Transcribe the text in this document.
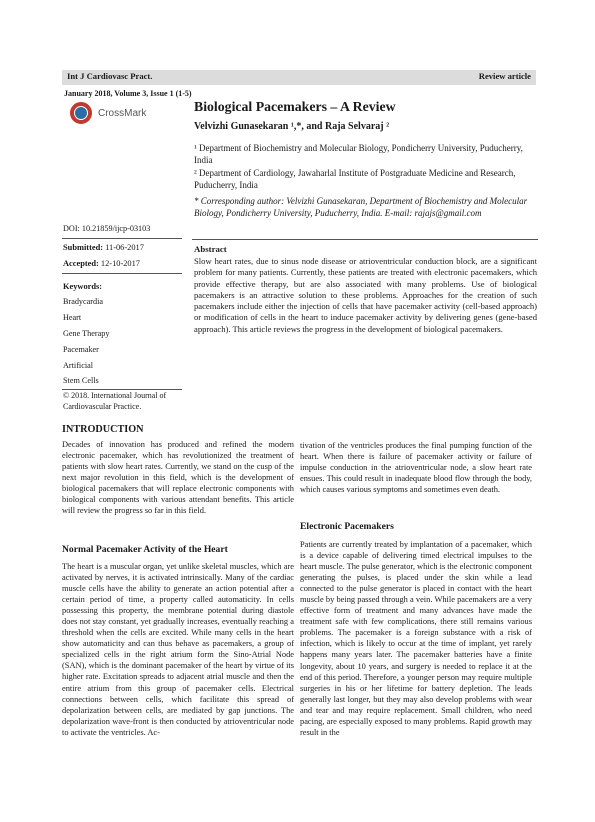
Int J Cardiovasc Pract.	Review article
January 2018, Volume 3, Issue 1 (1-5)
CrossMark	Biological Pacemakers – A Review
Velvizhi Gunasekaran ¹,*, and Raja Selvaraj ²
¹ Department of Biochemistry and Molecular Biology, Pondicherry University, Puducherry, India
² Department of Cardiology, Jawaharlal Institute of Postgraduate Medicine and Research, Puducherry, India
* Corresponding author: Velvizhi Gunasekaran, Department of Biochemistry and Molecular Biology, Pondicherry University, Puducherry, India. E-mail: rajajs@gmail.com
DOI: 10.21859/ijcp-03103
Submitted: 11-06-2017
Accepted: 12-10-2017
Keywords:
Bradycardia
Heart
Gene Therapy
Pacemaker
Artificial
Stem Cells
© 2018. International Journal of Cardiovascular Practice.
Abstract
Slow heart rates, due to sinus node disease or atrioventricular conduction block, are a significant problem for many patients. Currently, these patients are treated with electronic pacemakers, which provide effective therapy, but are also associated with many problems. Use of biological pacemakers is an attractive solution to these problems. Approaches for the creation of such pacemakers include either the injection of cells that have pacemaker activity (cell-based approach) or modification of cells in the heart to induce pacemaker activity by delivering genes (gene-based approach). This article reviews the progress in the development of biological pacemakers.
INTRODUCTION
Decades of innovation has produced and refined the modern electronic pacemaker, which has revolutionized the treatment of patients with slow heart rates. Currently, we stand on the cusp of the next major revolution in this field, which is the development of biological pacemakers that will replace electronic components with biological components with various attendant benefits. This article will review the progress so far in this field.
Normal Pacemaker Activity of the Heart
The heart is a muscular organ, yet unlike skeletal muscles, which are activated by nerves, it is activated intrinsically. Many of the cardiac muscle cells have the ability to generate an action potential after a certain period of time, a property called automaticity. In cells possessing this property, the membrane potential during diastole does not stay constant, yet gradually increases, eventually reaching a threshold when the cells are excited. While many cells in the heart show automaticity and can thus behave as pacemakers, a group of specialized cells in the right atrium form the Sino-Atrial Node (SAN), which is the dominant pacemaker of the heart by virtue of its higher rate. Excitation spreads to adjacent atrial muscle and then the entire atrium from this group of pacemaker cells. Electrical connections between cells, which facilitate this spread of depolarization between cells, are mediated by gap junctions. The depolarization wave-front is then conducted by atrioventricular node to activate the ventricles. Ac-
tivation of the ventricles produces the final pumping function of the heart. When there is failure of pacemaker activity or failure of impulse conduction in the atrioventricular node, a slow heart rate ensues. This could result in inadequate blood flow through the body, which causes various symptoms and sometimes even death.
Electronic Pacemakers
Patients are currently treated by implantation of a pacemaker, which is a device capable of delivering timed electrical impulses to the heart muscle. The pulse generator, which is the electronic component generating the pulses, is placed under the skin while a lead connected to the pulse generator is placed in contact with the heart muscle by being passed through a vein. While pacemakers are a very effective form of treatment and many advances have made the treatment safe with few complications, there still remains various problems. The pacemaker is a foreign substance with a risk of infection, which is likely to occur at the time of implant, yet rarely happens many years later. The pacemaker batteries have a finite longevity, about 10 years, and surgery is needed to replace it at the end of this period. Therefore, a younger person may require multiple surgeries in his or her lifetime for battery depletion. The leads generally last longer, but they may also develop problems with wear and tear and may require replacement. Small children, who need pacing, are especially exposed to many problems. Rapid growth may result in the
